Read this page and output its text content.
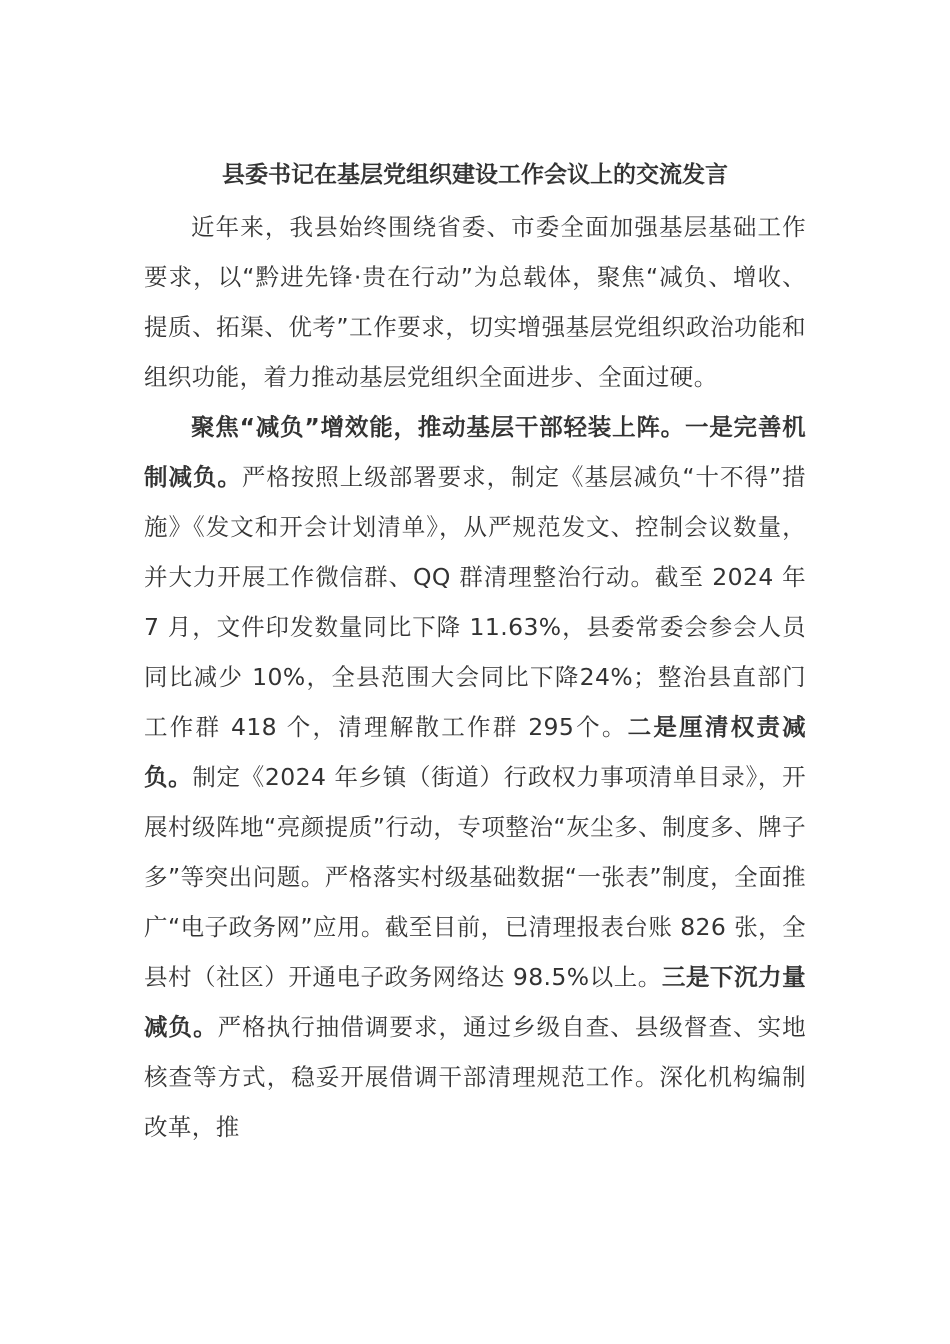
县委书记在基层党组织建设工作会议上的交流发言

近年来，我县始终围绕省委、市委全面加强基层基础工作要求，以“黔进先锋·贵在行动”为总载体，聚焦“减负、增收、提质、拓渠、优考”工作要求，切实增强基层党组织政治功能和组织功能，着力推动基层党组织全面进步、全面过硬。

聚焦“减负”增效能，推动基层干部轻装上阵。一是完善机制减负。严格按照上级部署要求，制定《基层减负“十不得”措施》《发文和开会计划清单》，从严规范发文、控制会议数量，并大力开展工作微信群、QQ 群清理整治行动。截至 2024 年 7 月，文件印发数量同比下降 11.63%，县委常委会参会人员同比减少 10%，全县范围大会同比下降24%；整治县直部门工作群 418 个，清理解散工作群 295个。二是厘清权责减负。制定《2024 年乡镇（街道）行政权力事项清单目录》，开展村级阵地“亮颜提质”行动，专项整治“灰尘多、制度多、牌子多”等突出问题。严格落实村级基础数据“一张表”制度，全面推广“电子政务网”应用。截至目前，已清理报表台账 826 张，全县村（社区）开通电子政务网络达 98.5%以上。三是下沉力量减负。严格执行抽借调要求，通过乡级自查、县级督查、实地核查等方式，稳妥开展借调干部清理规范工作。深化机构编制改革，推
